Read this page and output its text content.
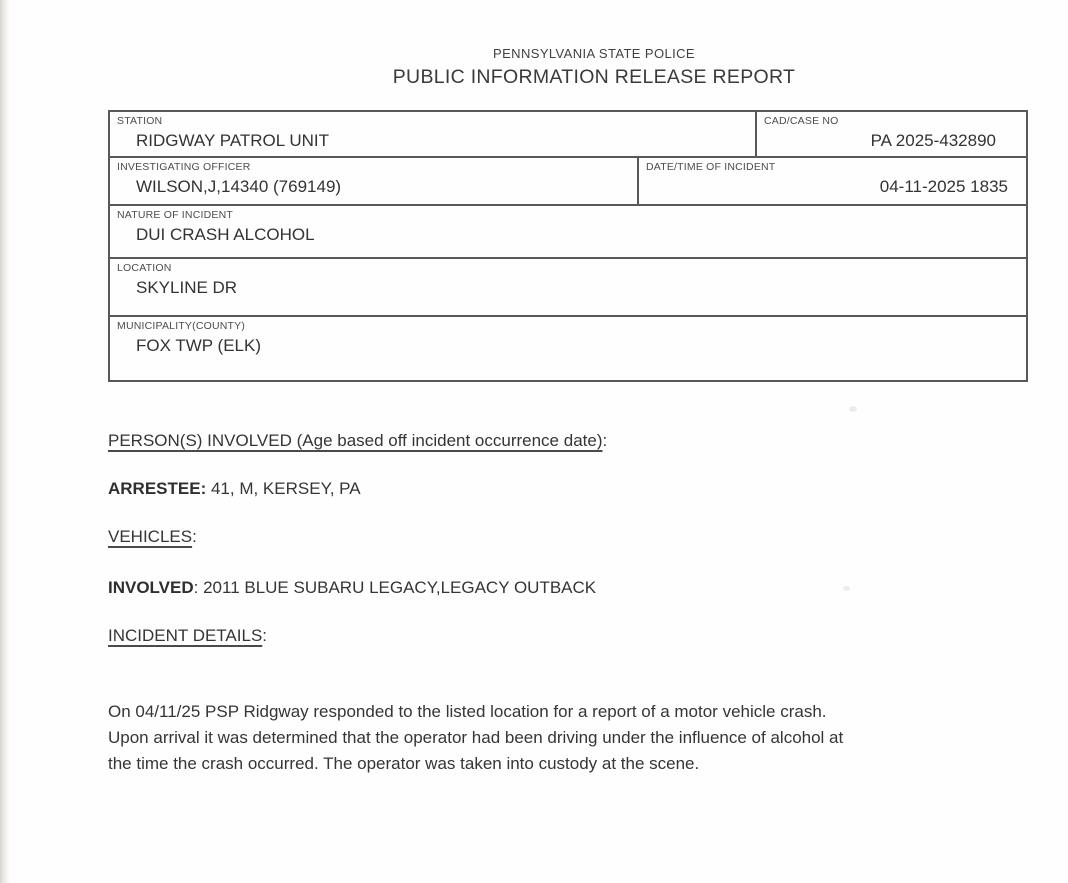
PENNSYLVANIA STATE POLICE
PUBLIC INFORMATION RELEASE REPORT
STATION
RIDGWAY PATROL UNIT
CAD/CASE NO
PA 2025-432890
INVESTIGATING OFFICER
WILSON,J,14340 (769149)
DATE/TIME OF INCIDENT
04-11-2025 1835
NATURE OF INCIDENT
DUI CRASH ALCOHOL
LOCATION
SKYLINE DR
MUNICIPALITY(COUNTY)
FOX TWP (ELK)
PERSON(S) INVOLVED (Age based off incident occurrence date):
ARRESTEE: 41, M, KERSEY, PA
VEHICLES:
INVOLVED: 2011 BLUE SUBARU LEGACY,LEGACY OUTBACK
INCIDENT DETAILS:
On 04/11/25 PSP Ridgway responded to the listed location for a report of a motor vehicle crash.
Upon arrival it was determined that the operator had been driving under the influence of alcohol at
the time the crash occurred. The operator was taken into custody at the scene.
